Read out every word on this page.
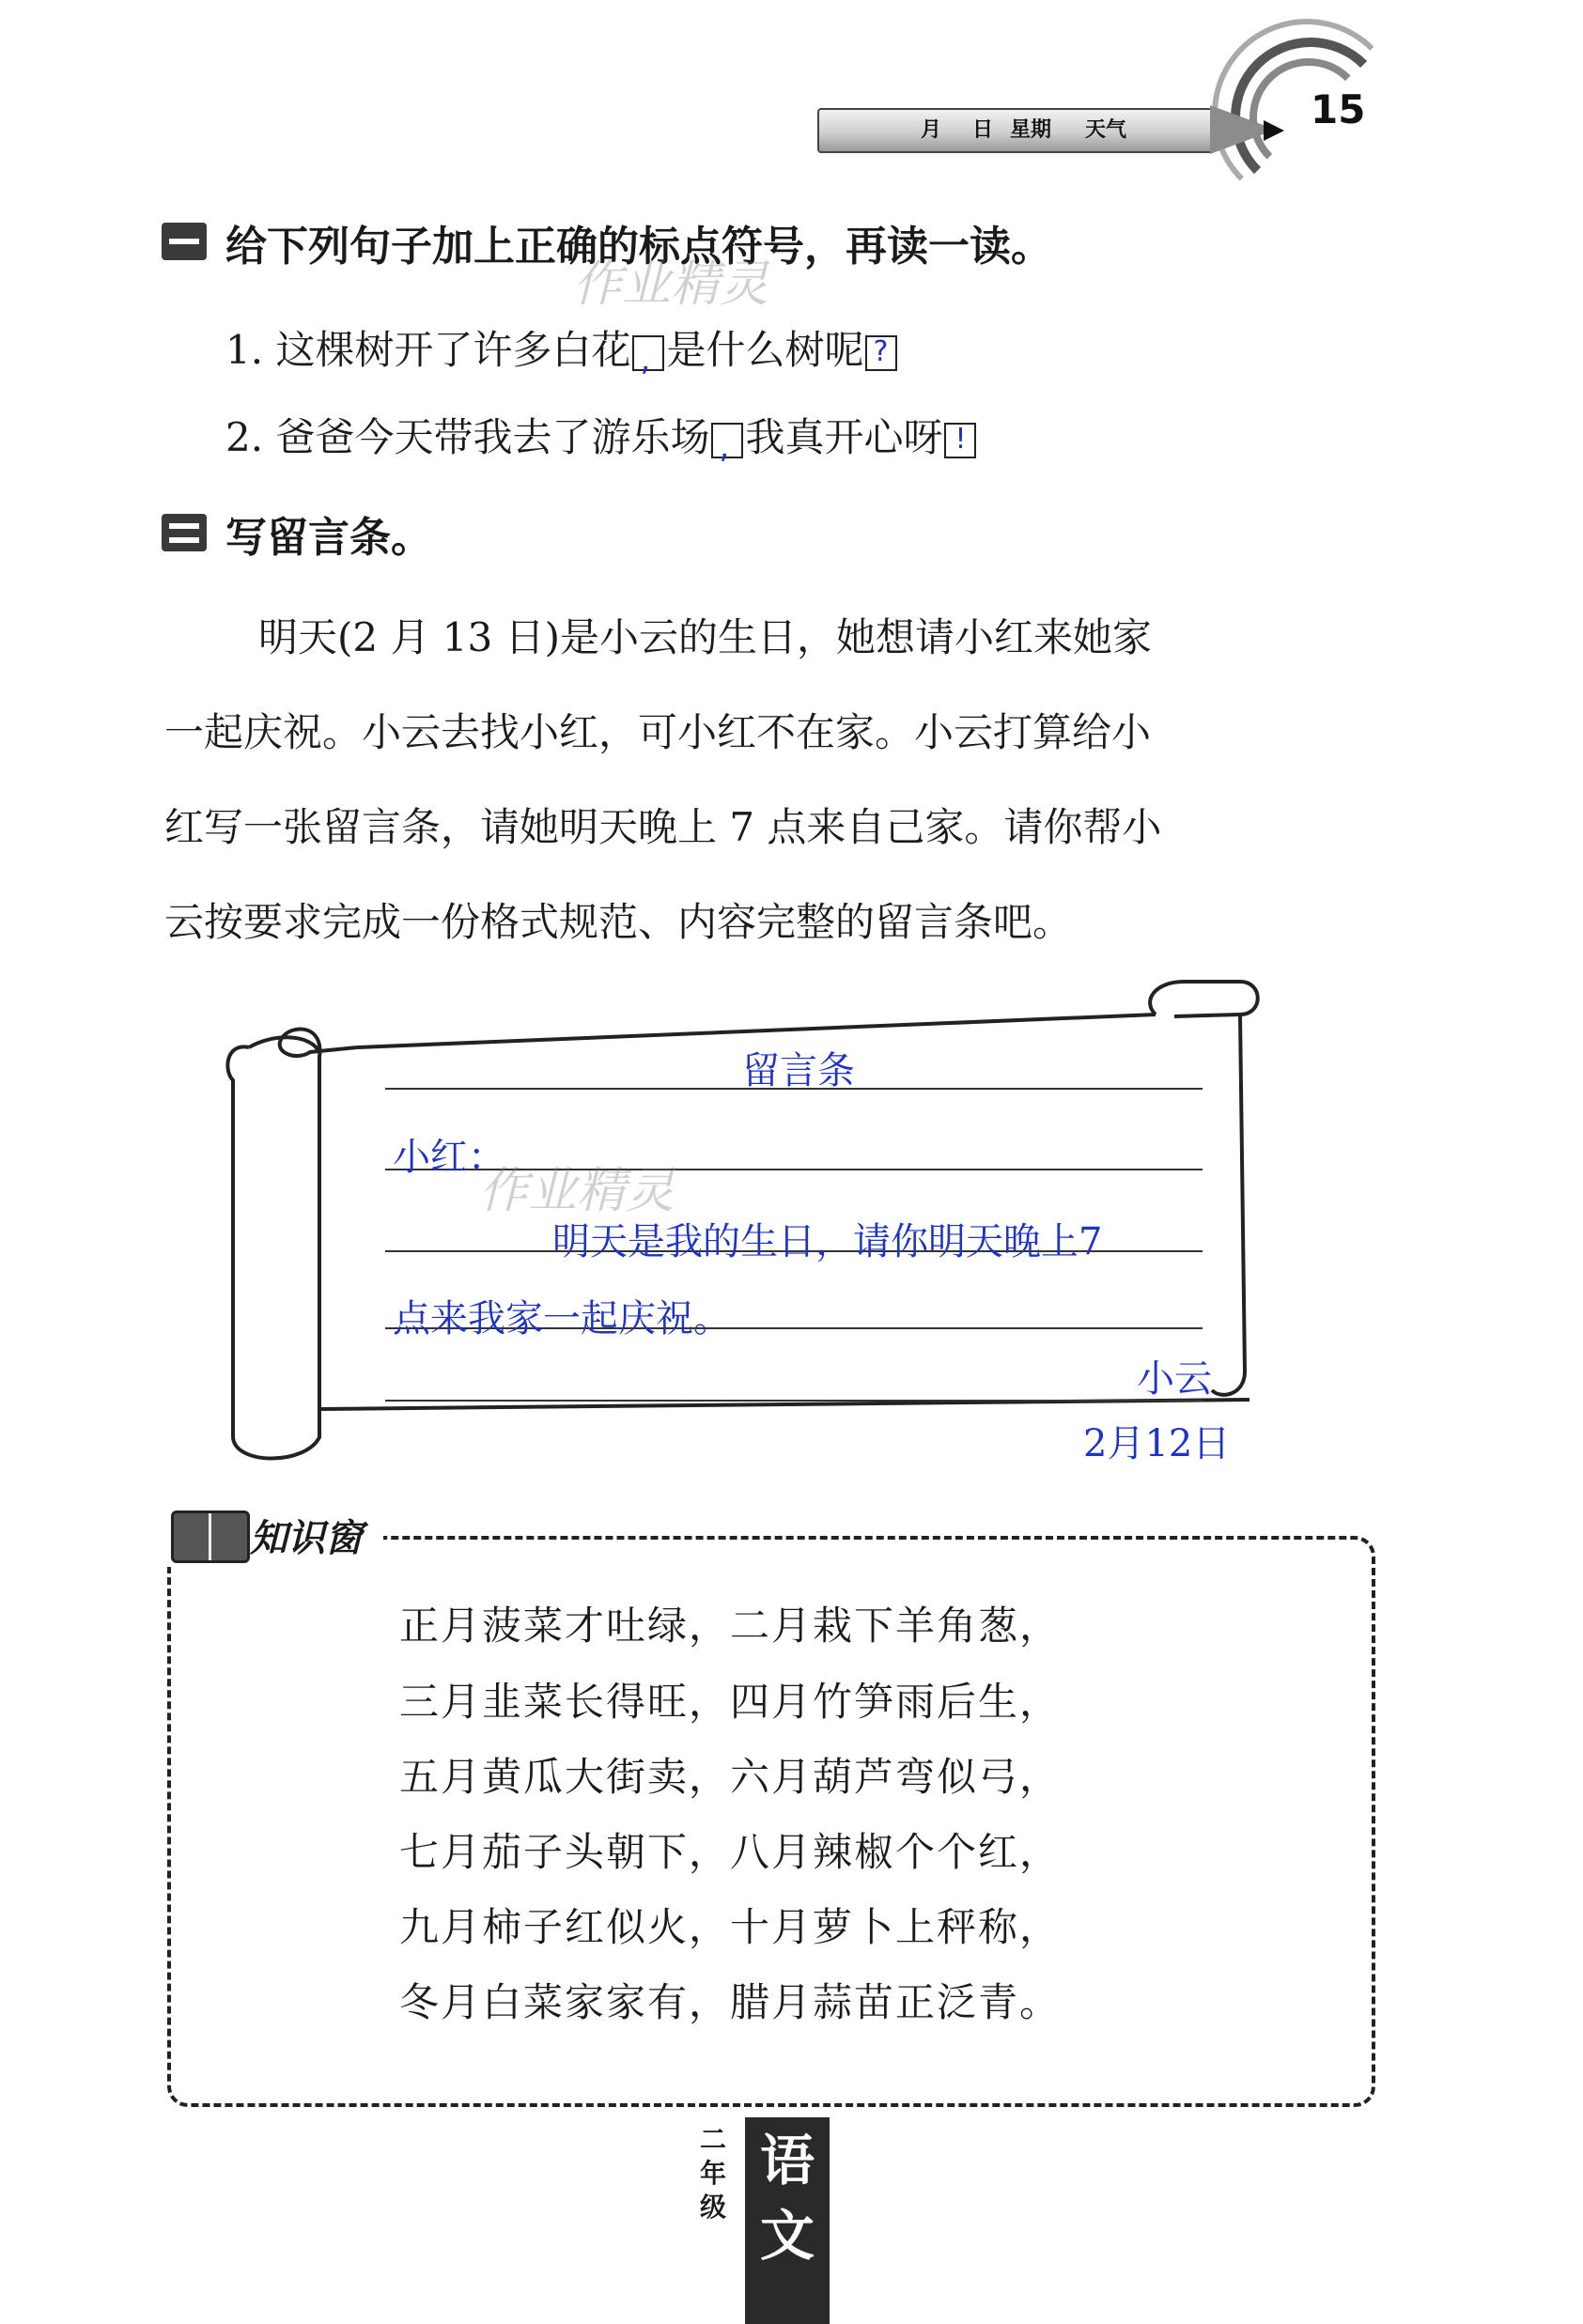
月 日 星期 天气	15
给下列句子加上正确的标点符号，再读一读。
作业精灵
1. 这棵树开了许多白花 , 是什么树呢 ?
2. 爸爸今天带我去了游乐场 , 我真开心呀 !
写留言条。
明天(2 月 13 日)是小云的生日，她想请小红来她家
一起庆祝。小云去找小红，可小红不在家。小云打算给小
红写一张留言条，请她明天晚上 7 点来自己家。请你帮小
云按要求完成一份格式规范、内容完整的留言条吧。
留言条
小红：
作业精灵
明天是我的生日，请你明天晚上7
点来我家一起庆祝。
小云
2月12日
知识窗
正月菠菜才吐绿，二月栽下羊角葱，
三月韭菜长得旺，四月竹笋雨后生，
五月黄瓜大街卖，六月葫芦弯似弓，
七月茄子头朝下，八月辣椒个个红，
九月柿子红似火，十月萝卜上秤称，
冬月白菜家家有，腊月蒜苗正泛青。
二
年
级
语
文
